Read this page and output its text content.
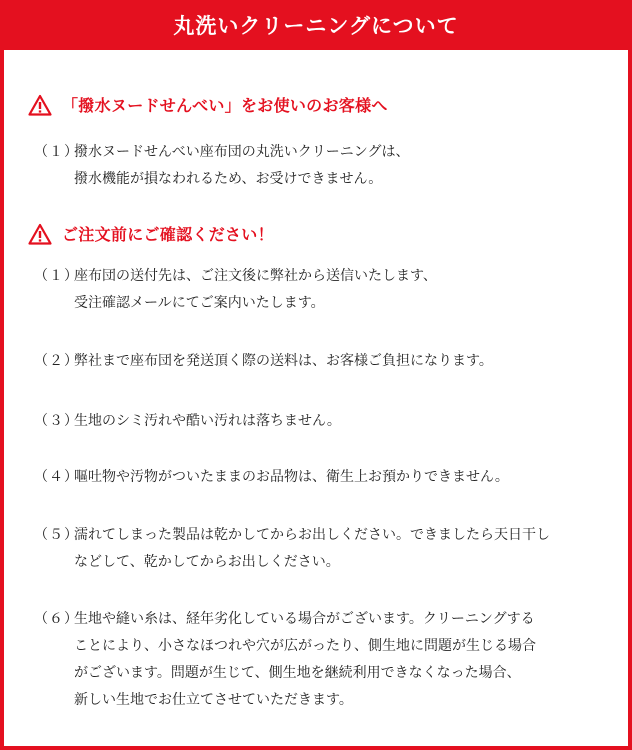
丸洗いクリーニングについて
「撥水ヌードせんべい」をお使いのお客様へ
（１）
撥水ヌードせんべい座布団の丸洗いクリーニングは、
撥水機能が損なわれるため、お受けできません。
ご注文前にご確認ください！
（１）
座布団の送付先は、ご注文後に弊社から送信いたします、
受注確認メールにてご案内いたします。
（２）
弊社まで座布団を発送頂く際の送料は、お客様ご負担になります。
（３）
生地のシミ汚れや酷い汚れは落ちません。
（４）
嘔吐物や汚物がついたままのお品物は、衛生上お預かりできません。
（５）
濡れてしまった製品は乾かしてからお出しください。できましたら天日干し
などして、乾かしてからお出しください。
（６）
生地や縫い糸は、経年劣化している場合がございます。クリーニングする
ことにより、小さなほつれや穴が広がったり、側生地に問題が生じる場合
がございます。問題が生じて、側生地を継続利用できなくなった場合、
新しい生地でお仕立てさせていただきます。
